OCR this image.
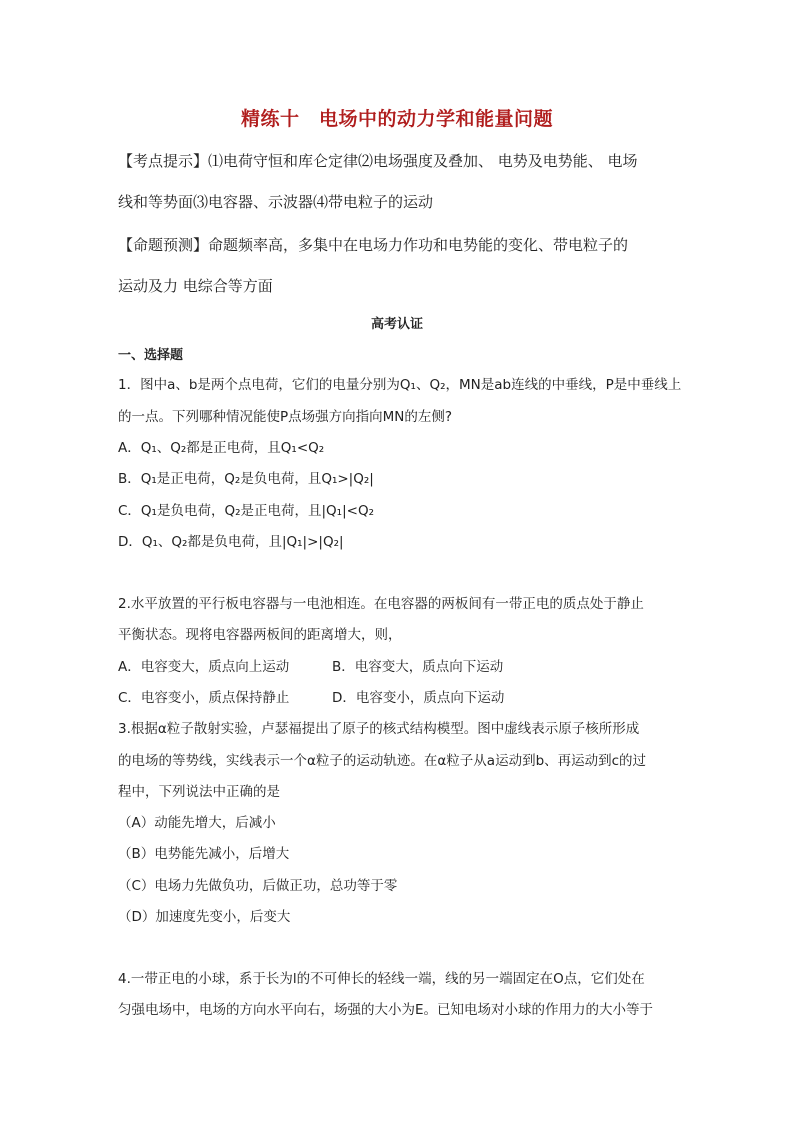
精练十　电场中的动力学和能量问题
【考点提示】⑴电荷守恒和库仑定律⑵电场强度及叠加、 电势及电势能、 电场
线和等势面⑶电容器、示波器⑷带电粒子的运动
【命题预测】命题频率高，多集中在电场力作功和电势能的变化、带电粒子的
运动及力 电综合等方面
高考认证
一、选择题
1．图中a、b是两个点电荷，它们的电量分别为Q₁、Q₂，MN是ab连线的中垂线，P是中垂线上
的一点。下列哪种情况能使P点场强方向指向MN的左侧?
A．Q₁、Q₂都是正电荷，且Q₁<Q₂
B．Q₁是正电荷，Q₂是负电荷，且Q₁>|Q₂|
C．Q₁是负电荷，Q₂是正电荷，且|Q₁|<Q₂
D．Q₁、Q₂都是负电荷，且|Q₁|>|Q₂|
2.水平放置的平行板电容器与一电池相连。在电容器的两板间有一带正电的质点处于静止
平衡状态。现将电容器两板间的距离增大，则，
A．电容变大，质点向上运动	B．电容变大，质点向下运动
C．电容变小，质点保持静止	D．电容变小，质点向下运动
3.根据α粒子散射实验，卢瑟福提出了原子的核式结构模型。图中虚线表示原子核所形成
的电场的等势线，实线表示一个α粒子的运动轨迹。在α粒子从a运动到b、再运动到c的过
程中，下列说法中正确的是
（A）动能先增大，后减小
（B）电势能先减小，后增大
（C）电场力先做负功，后做正功，总功等于零
（D）加速度先变小，后变大
4.一带正电的小球，系于长为l的不可伸长的轻线一端，线的另一端固定在O点，它们处在
匀强电场中，电场的方向水平向右，场强的大小为E。已知电场对小球的作用力的大小等于
